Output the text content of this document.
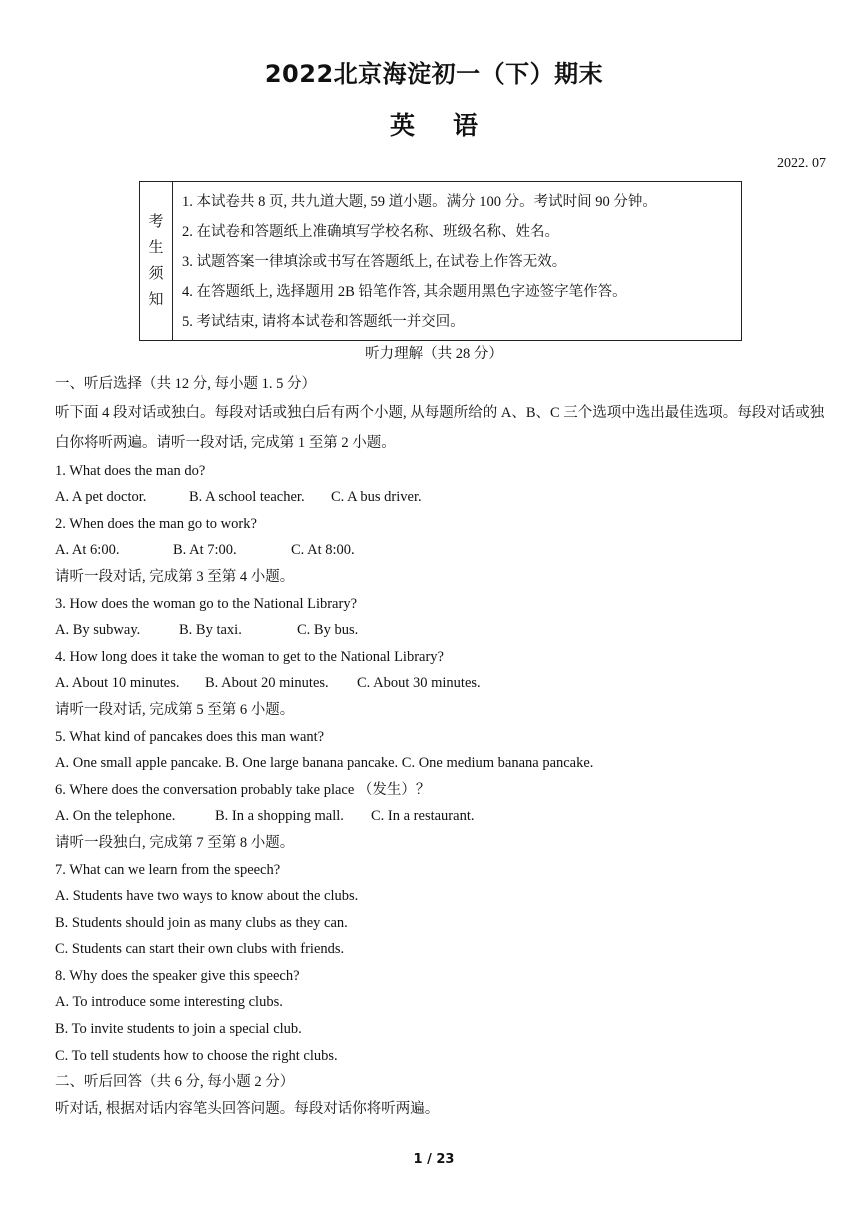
2022北京海淀初一（下）期末
英语
2022. 07
考
生
须
知
1. 本试卷共 8 页, 共九道大题, 59 道小题。满分 100 分。考试时间 90 分钟。
2. 在试卷和答题纸上准确填写学校名称、班级名称、姓名。
3. 试题答案一律填涂或书写在答题纸上, 在试卷上作答无效。
4. 在答题纸上, 选择题用 2B 铅笔作答, 其余题用黑色字迹签字笔作答。
5. 考试结束, 请将本试卷和答题纸一并交回。
听力理解（共 28 分）
一、听后选择（共 12 分, 每小题 1. 5 分）
听下面 4 段对话或独白。每段对话或独白后有两个小题, 从每题所给的 A、B、C 三个选项中选出最佳选项。每段对话或独白你将听两遍。请听一段对话, 完成第 1 至第 2 小题。
1. What does the man do?
A. A pet doctor.	B. A school teacher. C. A bus driver.
2. When does the man go to work?
A. At 6:00.	B. At 7:00.	C. At 8:00.
请听一段对话, 完成第 3 至第 4 小题。
3. How does the woman go to the National Library?
A. By subway.	B. By taxi.	C. By bus.
4. How long does it take the woman to get to the National Library?
A. About 10 minutes. B. About 20 minutes. C. About 30 minutes.
请听一段对话, 完成第 5 至第 6 小题。
5. What kind of pancakes does this man want?
A. One small apple pancake. B. One large banana pancake. C. One medium banana pancake.
6. Where does the conversation probably take place （发生）？
A. On the telephone.	B. In a shopping mall. C. In a restaurant.
请听一段独白, 完成第 7 至第 8 小题。
7. What can we learn from the speech?
A. Students have two ways to know about the clubs.
B. Students should join as many clubs as they can.
C. Students can start their own clubs with friends.
8. Why does the speaker give this speech?
A. To introduce some interesting clubs.
B. To invite students to join a special club.
C. To tell students how to choose the right clubs.
二、听后回答（共 6 分, 每小题 2 分）
听对话, 根据对话内容笔头回答问题。每段对话你将听两遍。
1 / 23
